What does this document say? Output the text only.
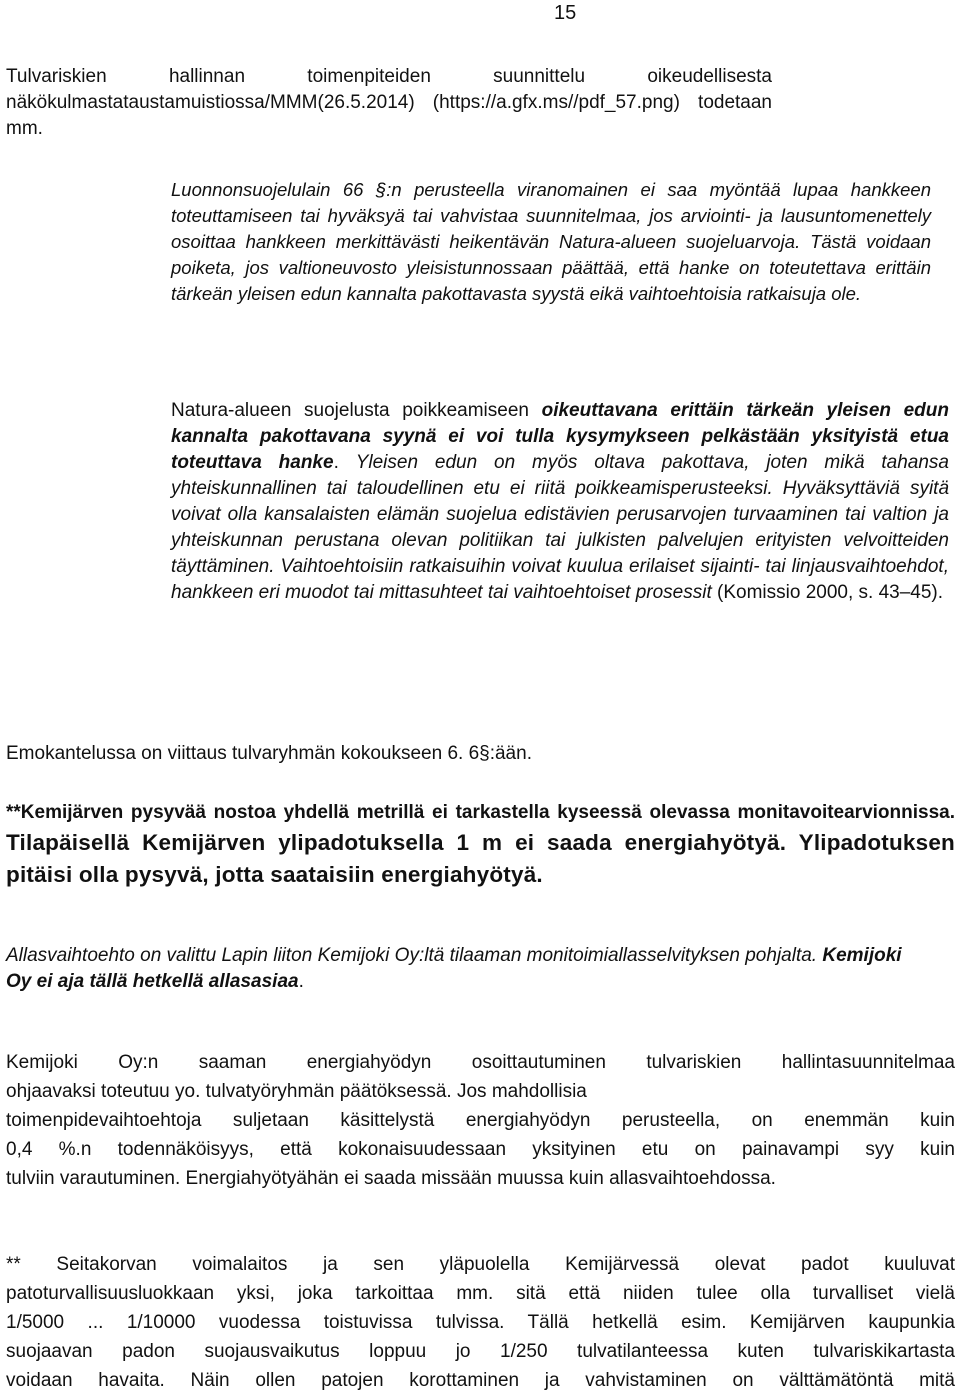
15

Tulvariskien hallinnan toimenpiteiden suunnittelu oikeudellisesta näkökulmastataustamuistiossa/MMM(26.5.2014) (https://a.gfx.ms//pdf_57.png) todetaan

mm.

Luonnonsuojelulain 66 §:n perusteella viranomainen ei saa myöntää lupaa hankkeen toteuttamiseen tai hyväksyä tai vahvistaa suunnitelmaa, jos arviointi- ja lausuntomenettely osoittaa hankkeen merkittävästi heikentävän Natura-alueen suojeluarvoja. Tästä voidaan poiketa, jos valtioneuvosto yleisistunnossaan päättää, että hanke on toteutettava erittäin tärkeän yleisen edun kannalta pakottavasta syystä eikä vaihtoehtoisia ratkaisuja ole.

Natura-alueen suojelusta poikkeamiseen oikeuttavana erittäin tärkeän yleisen edun kannalta pakottavana syynä ei voi tulla kysymykseen pelkästään yksityistä etua toteuttava hanke. Yleisen edun on myös oltava pakottava, joten mikä tahansa yhteiskunnallinen tai taloudellinen etu ei riitä poikkeamisperusteeksi. Hyväksyttäviä syitä voivat olla kansalaisten elämän suojelua edistävien perusarvojen turvaaminen tai valtion ja yhteiskunnan perustana olevan politiikan tai julkisten palvelujen erityisten velvoitteiden täyttäminen. Vaihtoehtoisiin ratkaisuihin voivat kuulua erilaiset sijainti- tai linjausvaihtoehdot, hankkeen eri muodot tai mittasuhteet tai vaihtoehtoiset prosessit (Komissio 2000, s. 43–45).

Emokantelussa on viittaus tulvaryhmän kokoukseen 6. 6§:ään.

**Kemijärven pysyvää nostoa yhdellä metrillä ei tarkastella kyseessä olevassa monitavoitearvionnissa. Tilapäisellä Kemijärven ylipadotuksella 1 m ei saada energiahyötyä. Ylipadotuksen pitäisi olla pysyvä, jotta saataisiin energiahyötyä.

Allasvaihtoehto on valittu Lapin liiton Kemijoki Oy:ltä tilaaman monitoimiallasselvityksen pohjalta. Kemijoki Oy ei aja tällä hetkellä allasasiaa.

Kemijoki Oy:n saaman energiahyödyn osoittautuminen tulvariskien hallintasuunnitelmaa
ohjaavaksi toteutuu yo. tulvatyöryhmän päätöksessä. Jos mahdollisia
toimenpidevaihtoehtoja suljetaan käsittelystä energiahyödyn perusteella, on enemmän kuin
0,4 %.n todennäköisyys, että kokonaisuudessaan yksityinen etu on painavampi syy kuin
tulviin varautuminen. Energiahyötyähän ei saada missään muussa kuin allasvaihtoehdossa.

** Seitakorvan voimalaitos ja sen yläpuolella Kemijärvessä olevat padot kuuluvat
patoturvallisuusluokkaan yksi, joka tarkoittaa mm. sitä että niiden tulee olla turvalliset vielä
1/5000 ... 1/10000 vuodessa toistuvissa tulvissa. Tällä hetkellä esim. Kemijärven kaupunkia
suojaavan padon suojausvaikutus loppuu jo 1/250 tulvatilanteessa kuten tulvariskikartasta
voidaan havaita. Näin ollen patojen korottaminen ja vahvistaminen on välttämätöntä mitä
